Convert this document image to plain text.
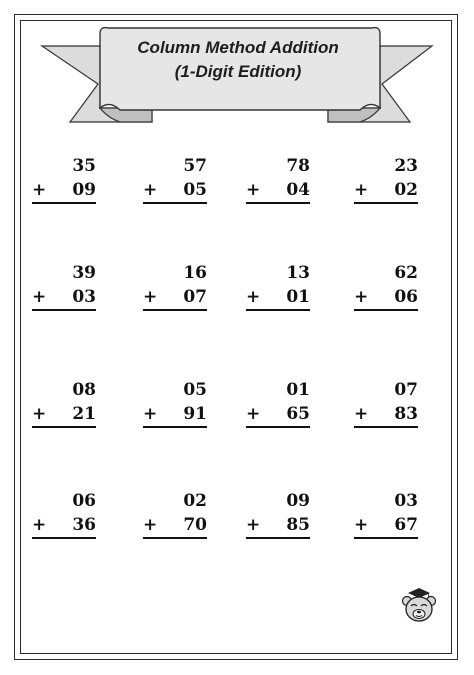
Column Method Addition
(1-Digit Edition)
35
+ 09
57
+ 05
78
+ 04
23
+ 02
39
+ 03
16
+ 07
13
+ 01
62
+ 06
08
+ 21
05
+ 91
01
+ 65
07
+ 83
06
+ 36
02
+ 70
09
+ 85
03
+ 67
